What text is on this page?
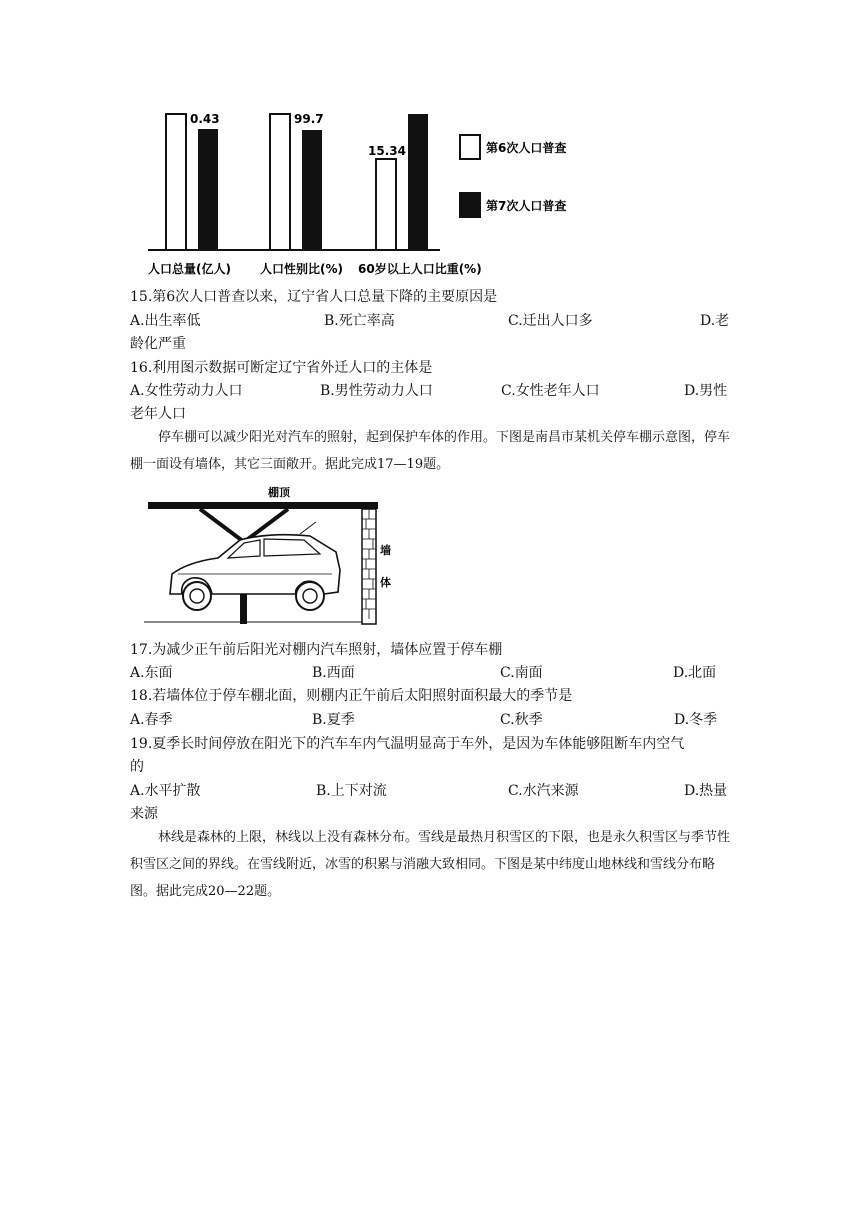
0.43	99.7
15.34	第6次人口普查
第7次人口普查
人口总量(亿人) 人口性别比(%) 60岁以上人口比重(%)
15.第6次人口普查以来，辽宁省人口总量下降的主要原因是
A.出生率低	B.死亡率高	C.迁出人口多	D.老
龄化严重
16.利用图示数据可断定辽宁省外迁人口的主体是
A.女性劳动力人口	B.男性劳动力人口	C.女性老年人口	D.男性
老年人口
停车棚可以减少阳光对汽车的照射，起到保护车体的作用。下图是南昌市某机关停车棚示意图，停车棚一面设有墙体，其它三面敞开。据此完成17—19题。
棚顶
墙
体
17.为减少正午前后阳光对棚内汽车照射，墙体应置于停车棚
A.东面	B.西面	C.南面	D.北面
18.若墙体位于停车棚北面，则棚内正午前后太阳照射面积最大的季节是
A.春季	B.夏季	C.秋季	D.冬季
19.夏季长时间停放在阳光下的汽车车内气温明显高于车外，是因为车体能够阻断车内空气
的
A.水平扩散	B.上下对流	C.水汽来源	D.热量
来源
林线是森林的上限，林线以上没有森林分布。雪线是最热月积雪区的下限，也是永久积雪区与季节性积雪区之间的界线。在雪线附近，冰雪的积累与消融大致相同。下图是某中纬度山地林线和雪线分布略图。据此完成20—22题。
